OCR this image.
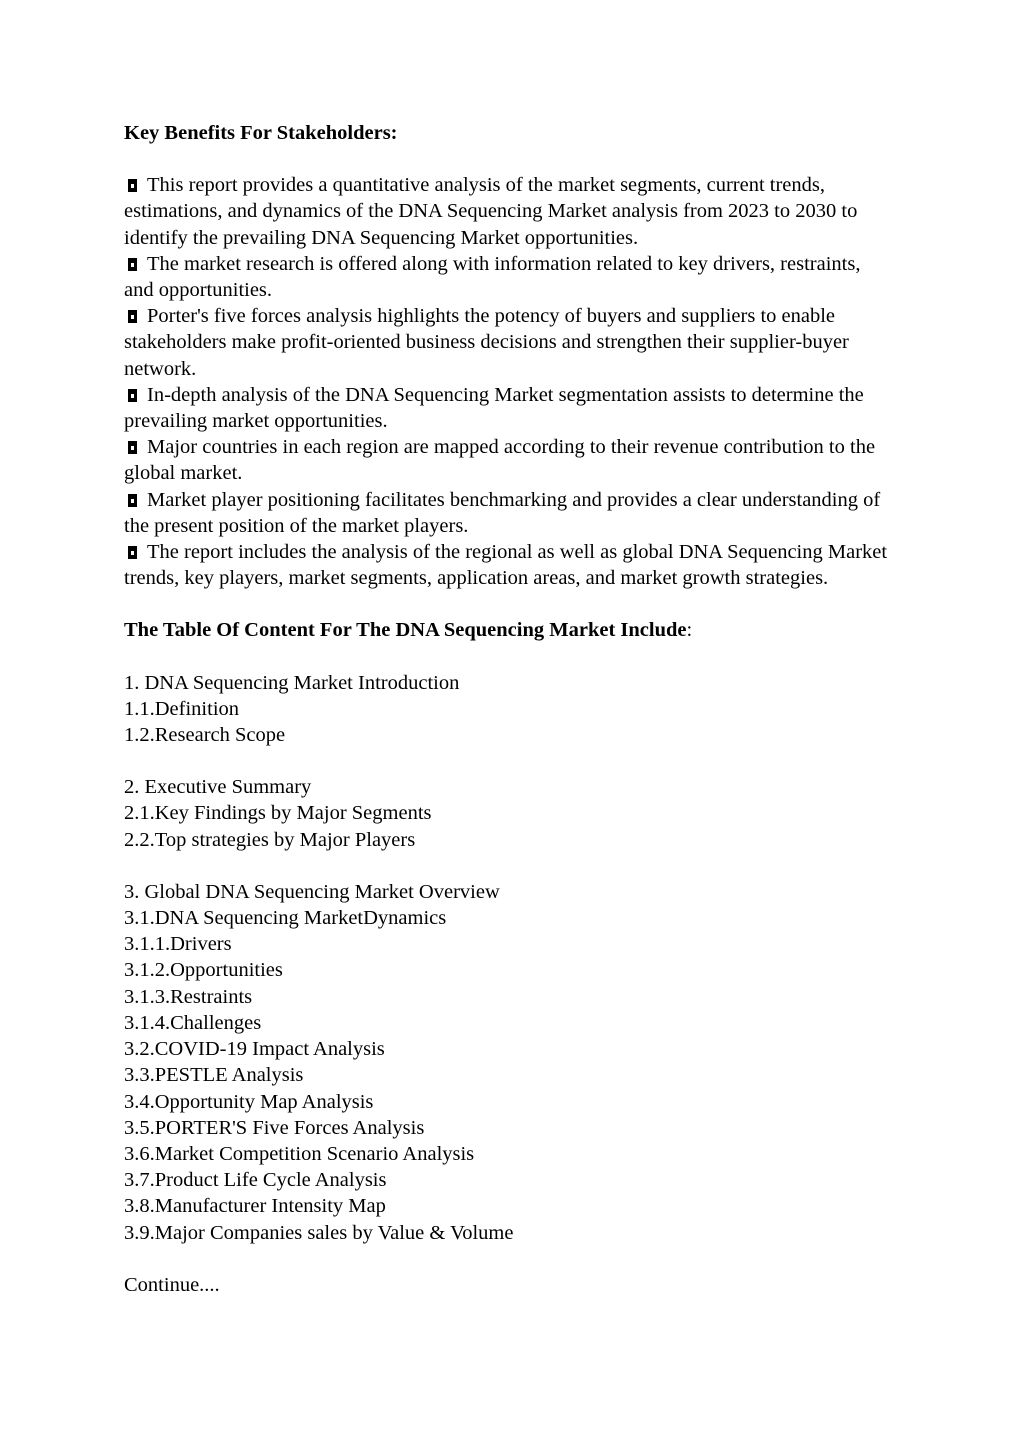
Key Benefits For Stakeholders:

This report provides a quantitative analysis of the market segments, current trends, estimations, and dynamics of the DNA Sequencing Market analysis from 2023 to 2030 to identify the prevailing DNA Sequencing Market opportunities.
The market research is offered along with information related to key drivers, restraints, and opportunities.
Porter's five forces analysis highlights the potency of buyers and suppliers to enable stakeholders make profit-oriented business decisions and strengthen their supplier-buyer network.
In-depth analysis of the DNA Sequencing Market segmentation assists to determine the prevailing market opportunities.
Major countries in each region are mapped according to their revenue contribution to the global market.
Market player positioning facilitates benchmarking and provides a clear understanding of the present position of the market players.
The report includes the analysis of the regional as well as global DNA Sequencing Market trends, key players, market segments, application areas, and market growth strategies.

The Table Of Content For The DNA Sequencing Market Include:

1. DNA Sequencing Market Introduction

1.1.Definition

1.2.Research Scope

2. Executive Summary

2.1.Key Findings by Major Segments

2.2.Top strategies by Major Players

3. Global DNA Sequencing Market Overview

3.1.DNA Sequencing MarketDynamics

3.1.1.Drivers

3.1.2.Opportunities

3.1.3.Restraints

3.1.4.Challenges

3.2.COVID-19 Impact Analysis

3.3.PESTLE Analysis

3.4.Opportunity Map Analysis

3.5.PORTER'S Five Forces Analysis

3.6.Market Competition Scenario Analysis

3.7.Product Life Cycle Analysis

3.8.Manufacturer Intensity Map

3.9.Major Companies sales by Value & Volume

Continue....
